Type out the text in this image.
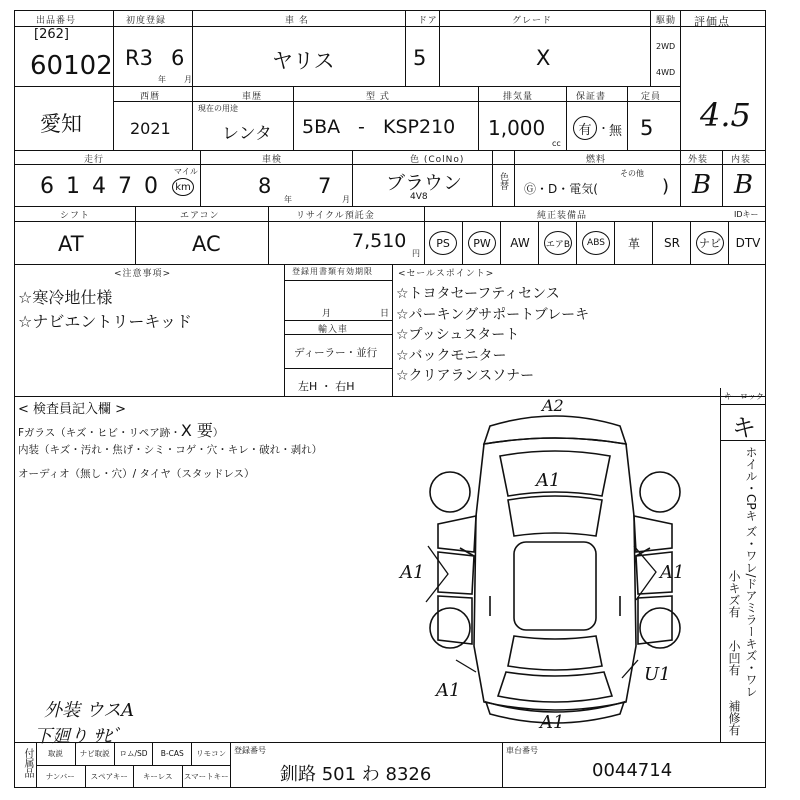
出品番号
[262]
60102
初度登録
R3 6
年 月
車 名
ヤリス
ドア
5
グレード
X
駆動
2WD
4WD
評価点
4.5
愛知
西暦
2021
車歴
現在の用途
レンタ
型 式
5BA - KSP210
排気量
1,000
cc
保証書
有 ・ 無
定員
5
走行
6 1 4 7 0
マイル
km
車検
8
年
7
月
色 (ColNo)
ブラウン
4V8
色替
燃料
Ⓖ・D・電気(
その他
)
外装
B
内装
B
シフト
AT
エアコン
AC
リサイクル預託金
7,510
円
純正装備品	IDキー
PS	PW	AW エアB	ABS	革 SR ナビ DTV
<注意事項>
☆寒冷地仕様
☆ナビエントリーキッド
登録用書類有効期限
月	日
輸入車
ディーラー・並行
左H ・ 右H
<セールスポイント>
☆トヨタセーフティセンス
☆パーキングサポートブレーキ
☆プッシュスタート
☆バックモニター
☆クリアランスソナー
< 検査員記入欄 >
Fガラス（キズ・ヒビ・リペア跡・X 要）
内装（キズ・汚れ・焦げ・シミ・コゲ・穴・キレ・破れ・剥れ）
オーディオ（無し・穴）/ タイヤ（スタッドレス）
外装 ウスA
下廻り ｻﾋﾞ
A2
A1
A1	A1
A1
A1
U1
キーロック
キ
ホイル・CPキ ズ・ワレ/ドアミラーキズ・ワレ
小キズ有
小凹有
補修有
付属品	取説	ナビ取説	ロム/SD	B-CAS	リモコン
ナンバー	スペアキー	キーレス	スマートキー
登録番号
釧路 501 わ 8326
車台番号
0044714
